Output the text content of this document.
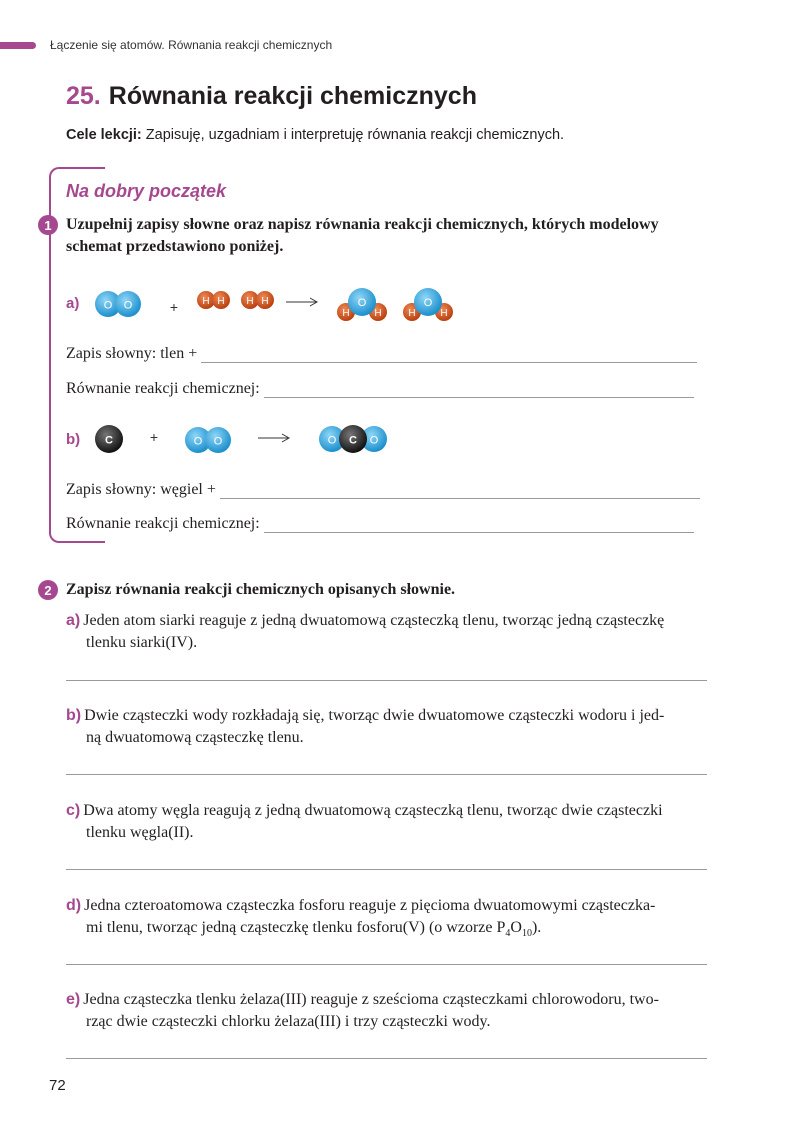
Łączenie się atomów. Równania reakcji chemicznych
25. Równania reakcji chemicznych
Cele lekcji: Zapisuję, uzgadniam i interpretuję równania reakcji chemicznych.
Na dobry początek
1 Uzupełnij zapisy słowne oraz napisz równania reakcji chemicznych, których modelowy schemat przedstawiono poniżej.
a) O O	+ H H H H	O
H H
O
H H
Zapis słowny: tlen +
Równanie reakcji chemicznej:
b) C	+	O O	O C O
Zapis słowny: węgiel +
Równanie reakcji chemicznej:
2 Zapisz równania reakcji chemicznych opisanych słownie.
a) Jeden atom siarki reaguje z jedną dwuatomową cząsteczką tlenu, tworząc jedną cząsteczkę
tlenku siarki(IV).
b) Dwie cząsteczki wody rozkładają się, tworząc dwie dwuatomowe cząsteczki wodoru i jed-
ną dwuatomową cząsteczkę tlenu.
c) Dwa atomy węgla reagują z jedną dwuatomową cząsteczką tlenu, tworząc dwie cząsteczki
tlenku węgla(II).
d) Jedna czteroatomowa cząsteczka fosforu reaguje z pięcioma dwuatomowymi cząsteczka-
mi tlenu, tworząc jedną cząsteczkę tlenku fosforu(V) (o wzorze $P_4O_{10}$).
e) Jedna cząsteczka tlenku żelaza(III) reaguje z sześcioma cząsteczkami chlorowodoru, two-
rząc dwie cząsteczki chlorku żelaza(III) i trzy cząsteczki wody.
72
